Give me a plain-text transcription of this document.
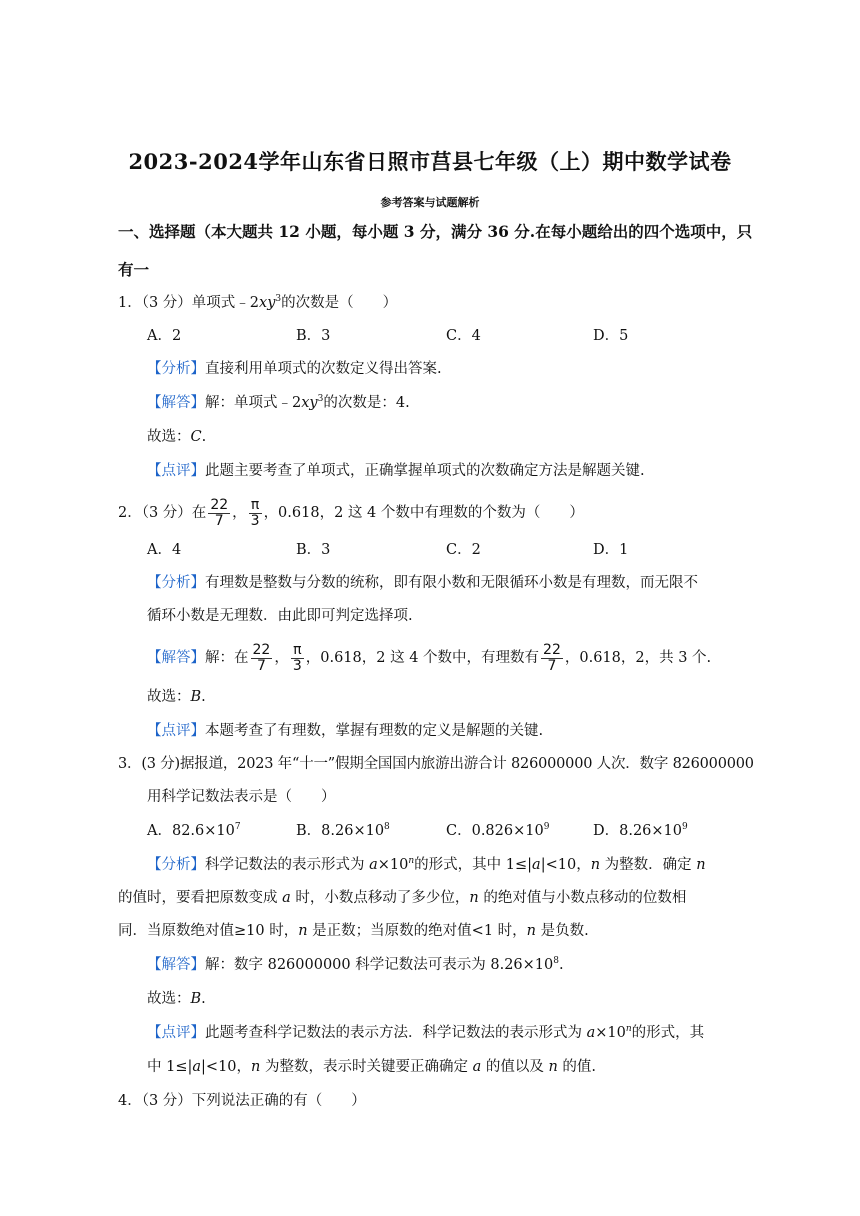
2023-2024学年山东省日照市莒县七年级（上）期中数学试卷
参考答案与试题解析
一、选择题（本大题共 12 小题，每小题 3 分，满分 36 分.在每小题给出的四个选项中，只
有一
1．（3 分）单项式$﹣2xy^3$的次数是（　　）
A．2	B．3	C．4	D．5
【分析】直接利用单项式的次数定义得出答案.
【解答】解：单项式$﹣2xy^3$的次数是：4.
故选：C.
【点评】此题主要考查了单项式，正确掌握单项式的次数确定方法是解题关键.
2．（3 分）在 $\frac{22}{7}$ ， $\frac{\pi}{3}$ ，0.618，2 这 4 个数中有理数的个数为（　　）
A．4	B．3	C．2	D．1
【分析】有理数是整数与分数的统称，即有限小数和无限循环小数是有理数，而无限不
循环小数是无理数．由此即可判定选择项.
【解答】解：在 $\frac{22}{7}$ ， $\frac{\pi}{3}$ ，0.618，2 这 4 个数中，有理数有 $\frac{22}{7}$ ，0.618，2，共 3 个.
故选：B.
【点评】本题考查了有理数，掌握有理数的定义是解题的关键.
3．(3 分)据报道，2023 年“十一”假期全国国内旅游出游合计 826000000 人次．数字 826000000
用科学记数法表示是（　　）
A．$82.6\times 10^7$	B．$8.26\times 10^8$	C．$0.826\times 10^9$	D．$8.26\times 10^9$
【分析】科学记数法的表示形式为 $a\times 10^n$的形式，其中 1≤|a|<10，n 为整数．确定 n
的值时，要看把原数变成 a 时，小数点移动了多少位，n 的绝对值与小数点移动的位数相
同．当原数绝对值≥10 时，n 是正数；当原数的绝对值<1 时，n 是负数.
【解答】解：数字 826000000 科学记数法可表示为 $8.26\times 10^8$.
故选：B.
【点评】此题考查科学记数法的表示方法．科学记数法的表示形式为 $a\times 10^n$的形式，其
中 1≤|a|<10，n 为整数，表示时关键要正确确定 a 的值以及 n 的值.
4．（3 分）下列说法正确的有（　　）
